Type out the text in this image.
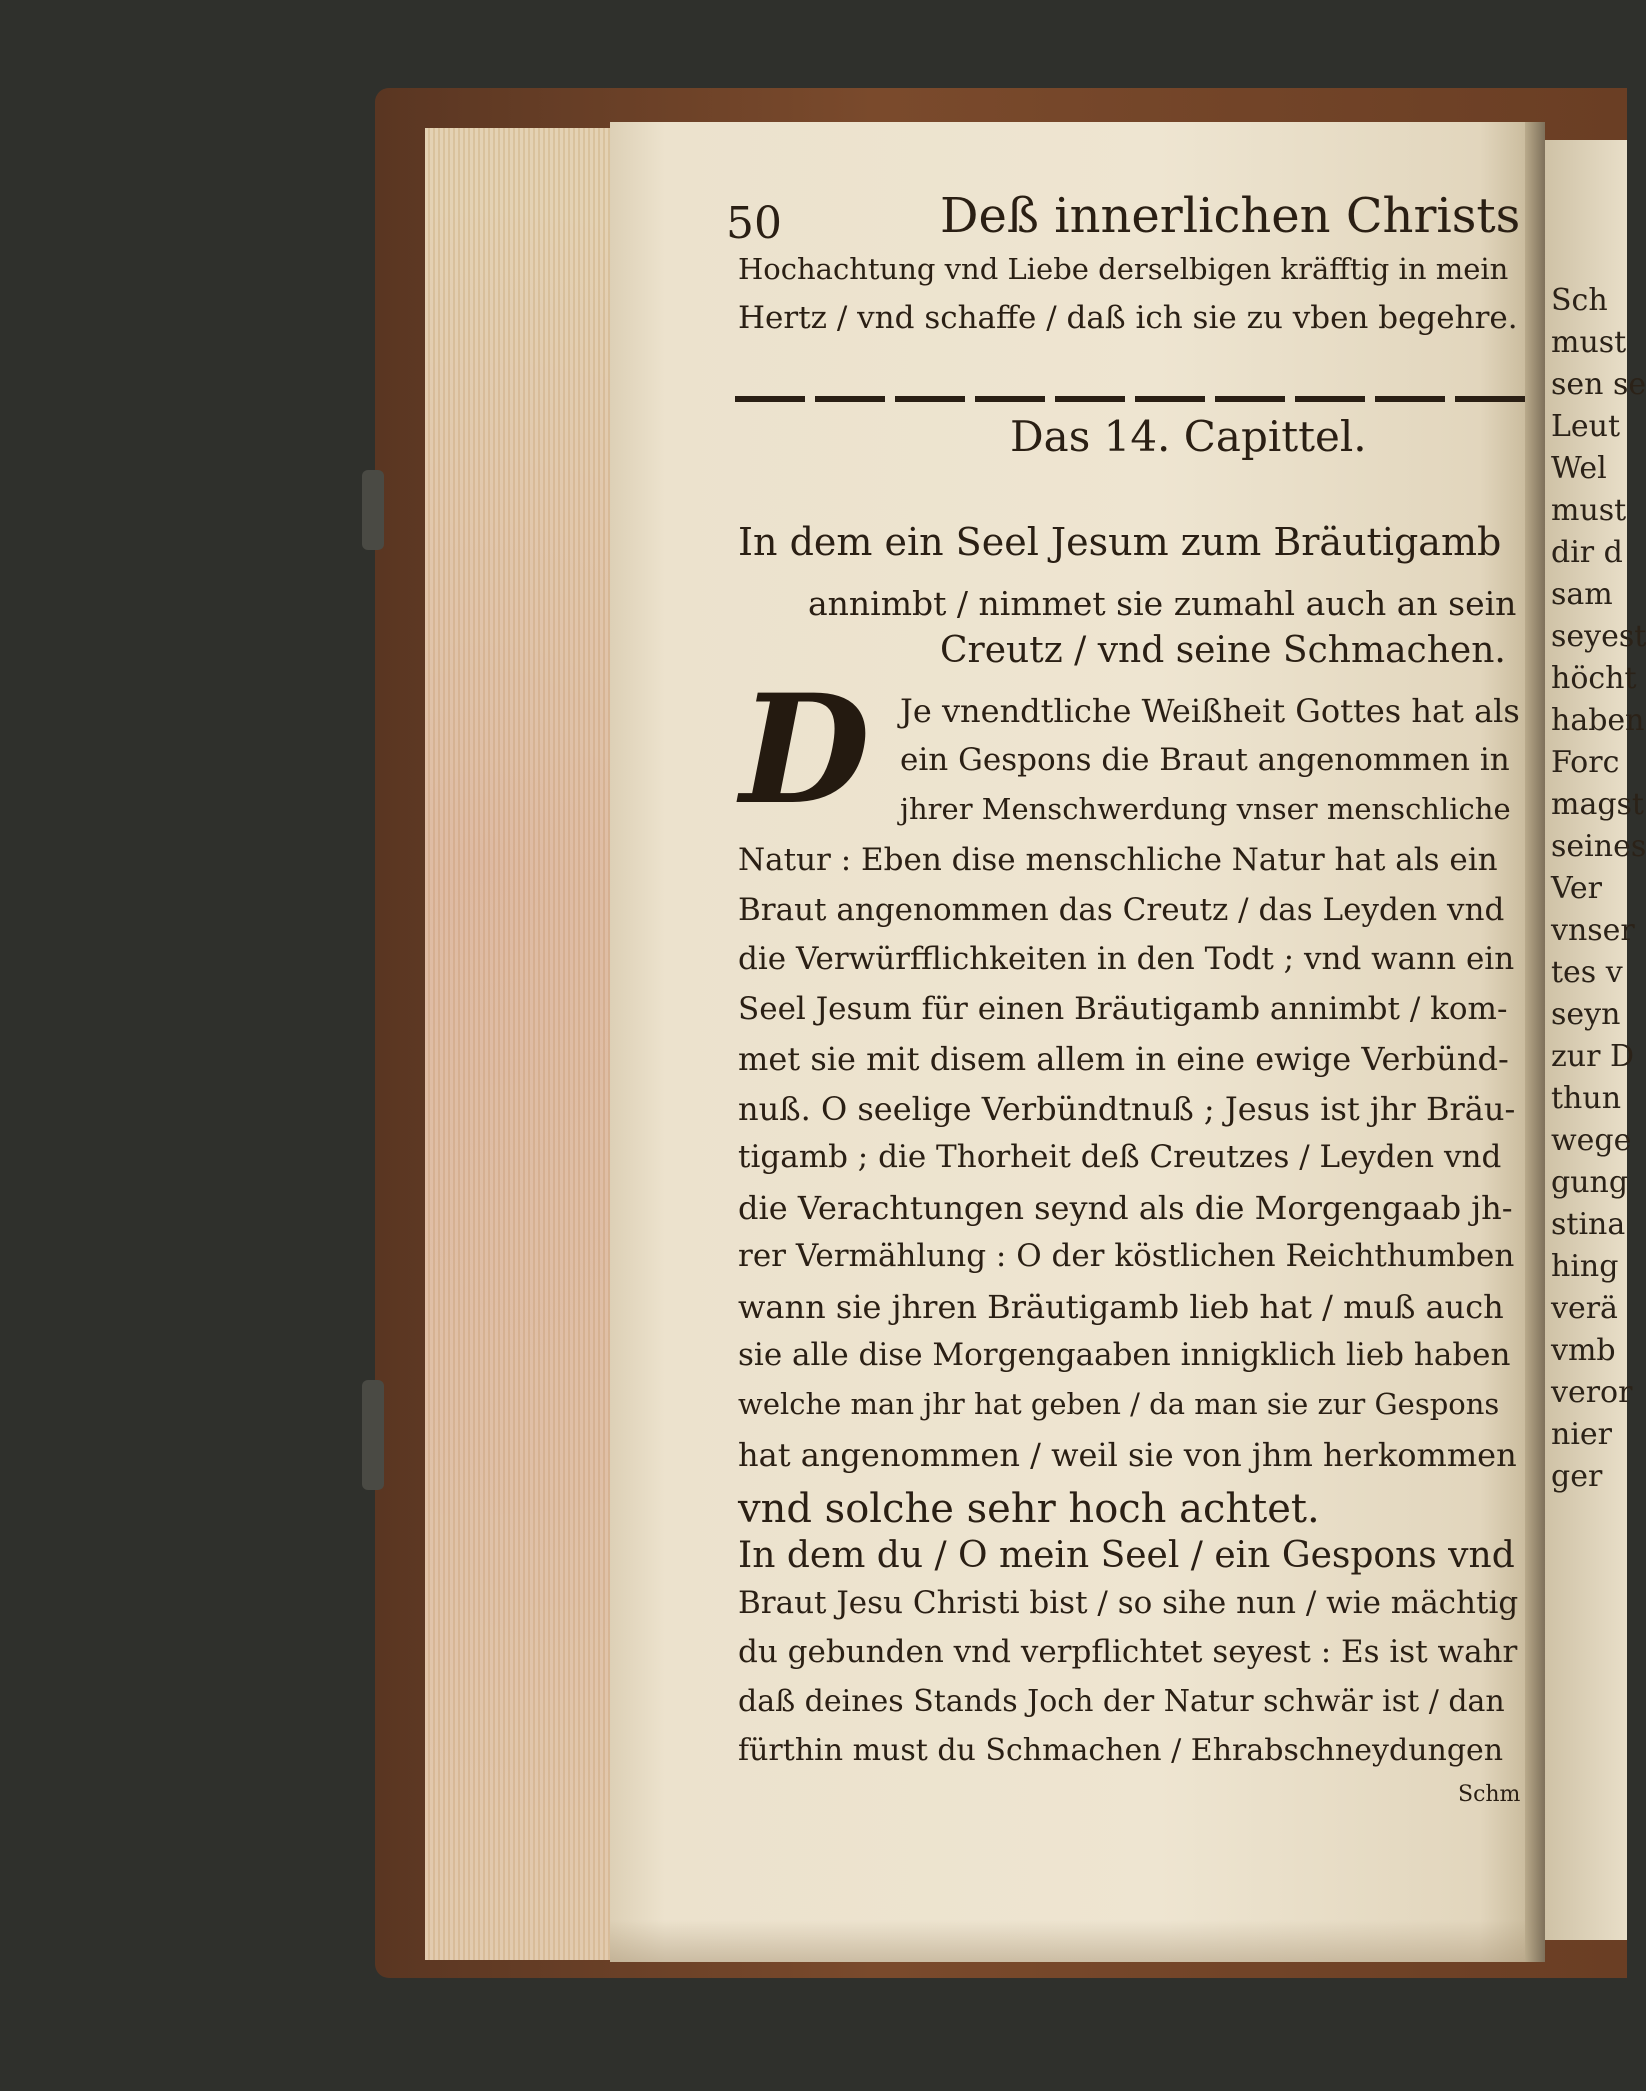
Sch
must
sen se
Leut
Wel
must
dir d
sam
seyest
höcht
haben
Forc
magst
seines
Ver
vnser
tes v
seyn
zur D
thun
wege
gung
stina
hing
verä
vmb
veror
nier
ger
50	Deß innerlichen Christs
Hochachtung vnd Liebe derselbigen kräfftig in mein
Hertz / vnd schaffe / daß ich sie zu vben begehre.
Das 14. Capittel.
In dem ein Seel Jesum zum Bräutigamb
annimbt / nimmet sie zumahl auch an sein
Creutz / vnd seine Schmachen.
D Je vnendtliche Weißheit Gottes hat als
ein Gespons die Braut angenommen in
jhrer Menschwerdung vnser menschliche
Natur : Eben dise menschliche Natur hat als ein
Braut angenommen das Creutz / das Leyden vnd
die Verwürfflichkeiten in den Todt ; vnd wann ein
Seel Jesum für einen Bräutigamb annimbt / kom-
met sie mit disem allem in eine ewige Verbünd-
nuß. O seelige Verbündtnuß ; Jesus ist jhr Bräu-
tigamb ; die Thorheit deß Creutzes / Leyden vnd
die Verachtungen seynd als die Morgengaab jh-
rer Vermählung : O der köstlichen Reichthumben
wann sie jhren Bräutigamb lieb hat / muß auch
sie alle dise Morgengaaben innigklich lieb haben
welche man jhr hat geben / da man sie zur Gespons
hat angenommen / weil sie von jhm herkommen
vnd solche sehr hoch achtet.
In dem du / O mein Seel / ein Gespons vnd
Braut Jesu Christi bist / so sihe nun / wie mächtig
du gebunden vnd verpflichtet seyest : Es ist wahr
daß deines Stands Joch der Natur schwär ist / dan
fürthin must du Schmachen / Ehrabschneydungen
Schm
